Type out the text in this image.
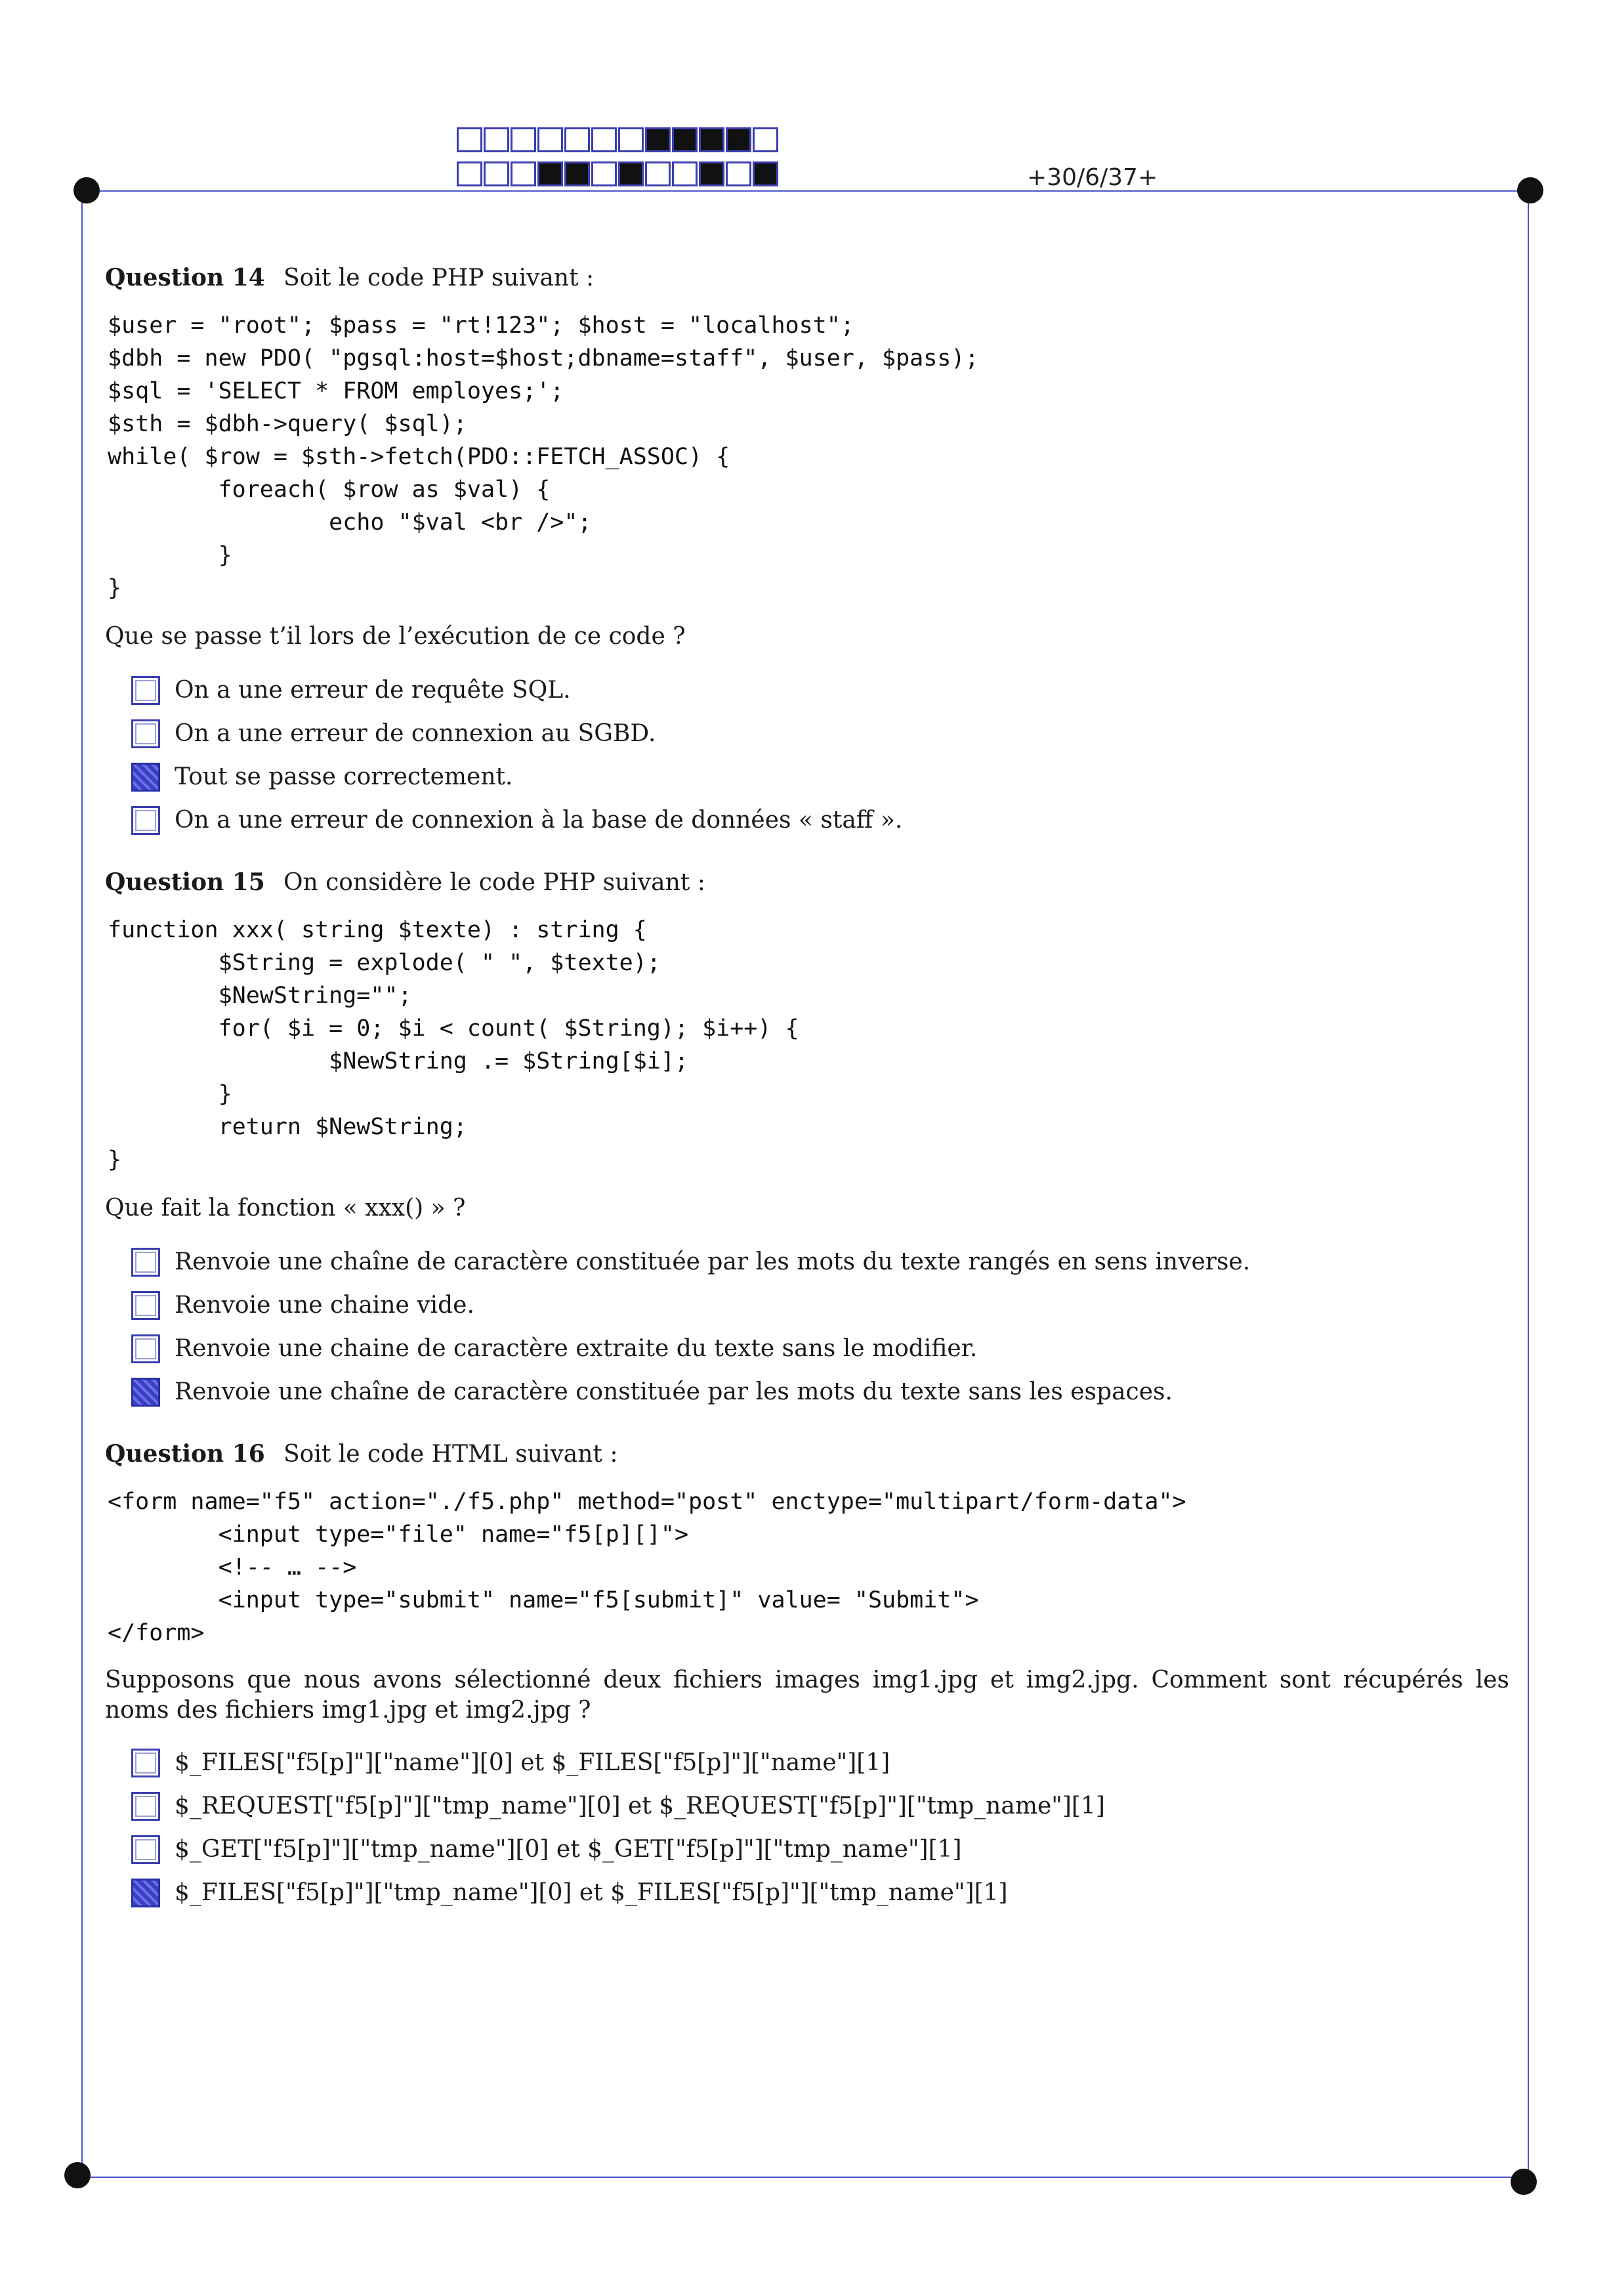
+30/6/37+
Question 14 Soit le code PHP suivant :
$user = "root"; $pass = "rt!123"; $host = "localhost";
$dbh = new PDO( "pgsql:host=$host;dbname=staff", $user, $pass);
$sql = 'SELECT * FROM employes;';
$sth = $dbh->query( $sql);
while( $row = $sth->fetch(PDO::FETCH_ASSOC) {
foreach( $row as $val) {
echo "$val <br />";
}
}
Que se passe t’il lors de l’exécution de ce code ?
On a une erreur de requête SQL.
On a une erreur de connexion au SGBD.
Tout se passe correctement.
On a une erreur de connexion à la base de données « staff ».
Question 15 On considère le code PHP suivant :
function xxx( string $texte) : string {
$String = explode( " ", $texte);
$NewString="";
for( $i = 0; $i < count( $String); $i++) {
$NewString .= $String[$i];
}
return $NewString;
}
Que fait la fonction « xxx() » ?
Renvoie une chaîne de caractère constituée par les mots du texte rangés en sens inverse.
Renvoie une chaine vide.
Renvoie une chaine de caractère extraite du texte sans le modifier.
Renvoie une chaîne de caractère constituée par les mots du texte sans les espaces.
Question 16 Soit le code HTML suivant :
<form name="f5" action="./f5.php" method="post" enctype="multipart/form-data">
<input type="file" name="f5[p][]">
<!-- … -->
<input type="submit" name="f5[submit]" value= "Submit">
</form>
Supposons que nous avons sélectionné deux fichiers images img1.jpg et img2.jpg. Comment sont récupérés les noms des fichiers img1.jpg et img2.jpg ?
$_FILES["f5[p]"]["name"][0] et $_FILES["f5[p]"]["name"][1]
$_REQUEST["f5[p]"]["tmp_name"][0] et $_REQUEST["f5[p]"]["tmp_name"][1]
$_GET["f5[p]"]["tmp_name"][0] et $_GET["f5[p]"]["tmp_name"][1]
$_FILES["f5[p]"]["tmp_name"][0] et $_FILES["f5[p]"]["tmp_name"][1]
